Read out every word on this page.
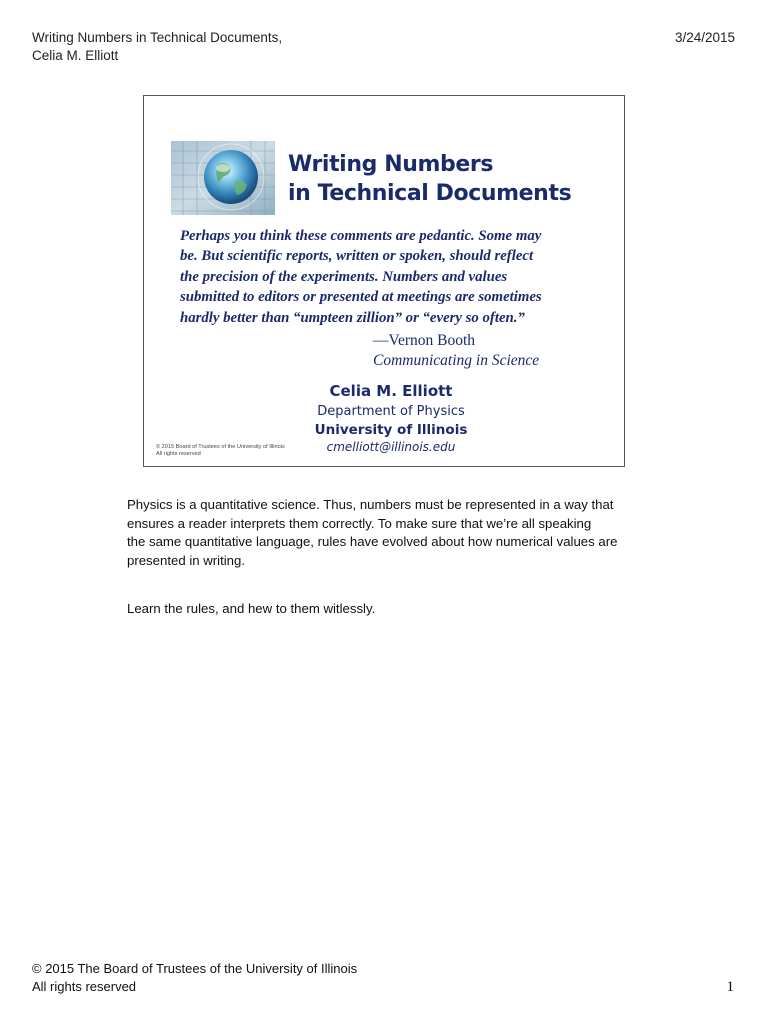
Writing Numbers in Technical Documents,
Celia M. Elliott
3/24/2015
Writing Numbers
in Technical Documents
Perhaps you think these comments are pedantic. Some may
be. But scientific reports, written or spoken, should reflect
the precision of the experiments. Numbers and values
submitted to editors or presented at meetings are sometimes
hardly better than “umpteen zillion” or “every so often.”
—Vernon Booth
Communicating in Science
Celia M. Elliott
Department of Physics
University of Illinois
cmelliott@illinois.edu
© 2015 Board of Trustees of the University of Illinois
All rights reserved
Physics is a quantitative science. Thus, numbers must be represented in a way that
ensures a reader interprets them correctly. To make sure that we’re all speaking
the same quantitative language, rules have evolved about how numerical values are
presented in writing.
Learn the rules, and hew to them witlessly.
© 2015 The Board of Trustees of the University of Illinois
All rights reserved	1
